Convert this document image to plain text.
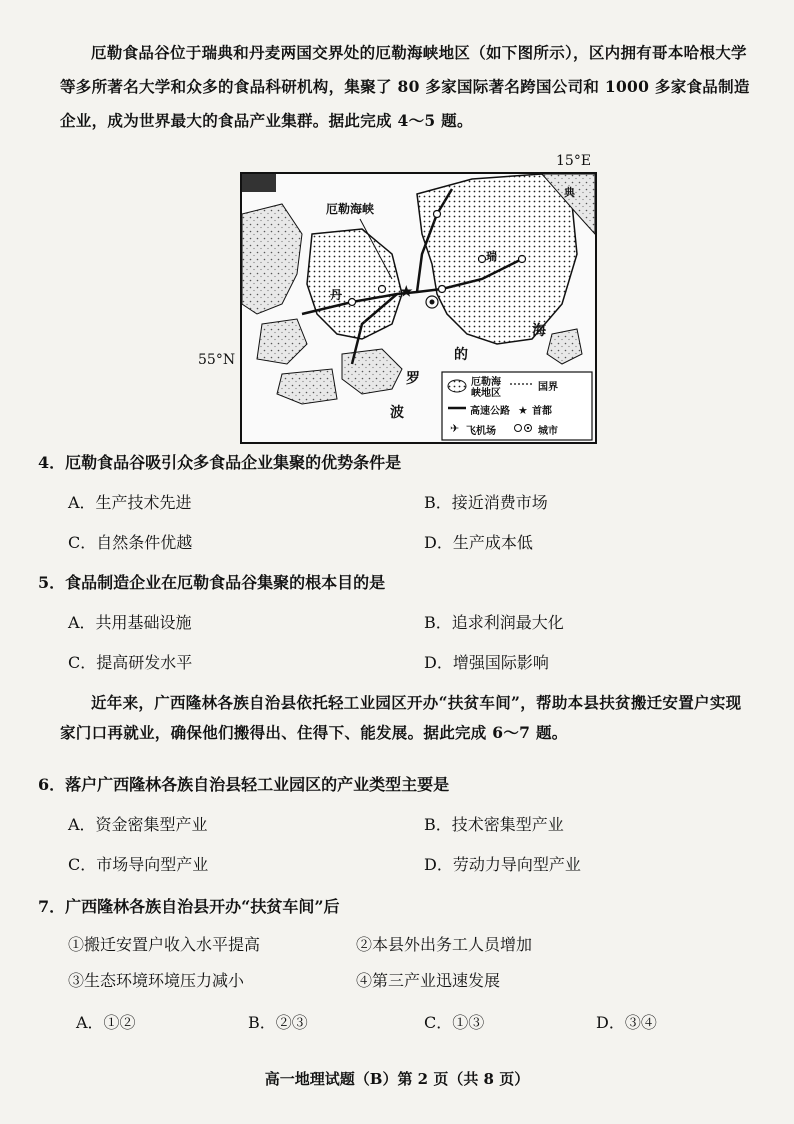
厄勒食品谷位于瑞典和丹麦两国交界处的厄勒海峡地区（如下图所示），区内拥有哥本哈根大学等多所著名大学和众多的食品科研机构，集聚了 80 多家国际著名跨国公司和 1000 多家食品制造企业，成为世界最大的食品产业集群。据此完成 4～5 题。
★
★
✈
厄勒海峡
典
瑞
丹
海
的
罗
波
厄勒海峡地区
国界
高速公路 首都
飞机场	城市
15°E
55°N
4．厄勒食品谷吸引众多食品企业集聚的优势条件是
A．生产技术先进	B．接近消费市场
C．自然条件优越	D．生产成本低
5．食品制造企业在厄勒食品谷集聚的根本目的是
A．共用基础设施	B．追求利润最大化
C．提高研发水平	D．增强国际影响
近年来，广西隆林各族自治县依托轻工业园区开办“扶贫车间”，帮助本县扶贫搬迁安置户实现家门口再就业，确保他们搬得出、住得下、能发展。据此完成 6～7 题。
6．落户广西隆林各族自治县轻工业园区的产业类型主要是
A．资金密集型产业	B．技术密集型产业
C．市场导向型产业	D．劳动力导向型产业
7．广西隆林各族自治县开办“扶贫车间”后
①搬迁安置户收入水平提高	②本县外出务工人员增加
③生态环境环境压力减小	④第三产业迅速发展
A．①②	B．②③	C．①③	D．③④
高一地理试题（B）第 2 页（共 8 页）
